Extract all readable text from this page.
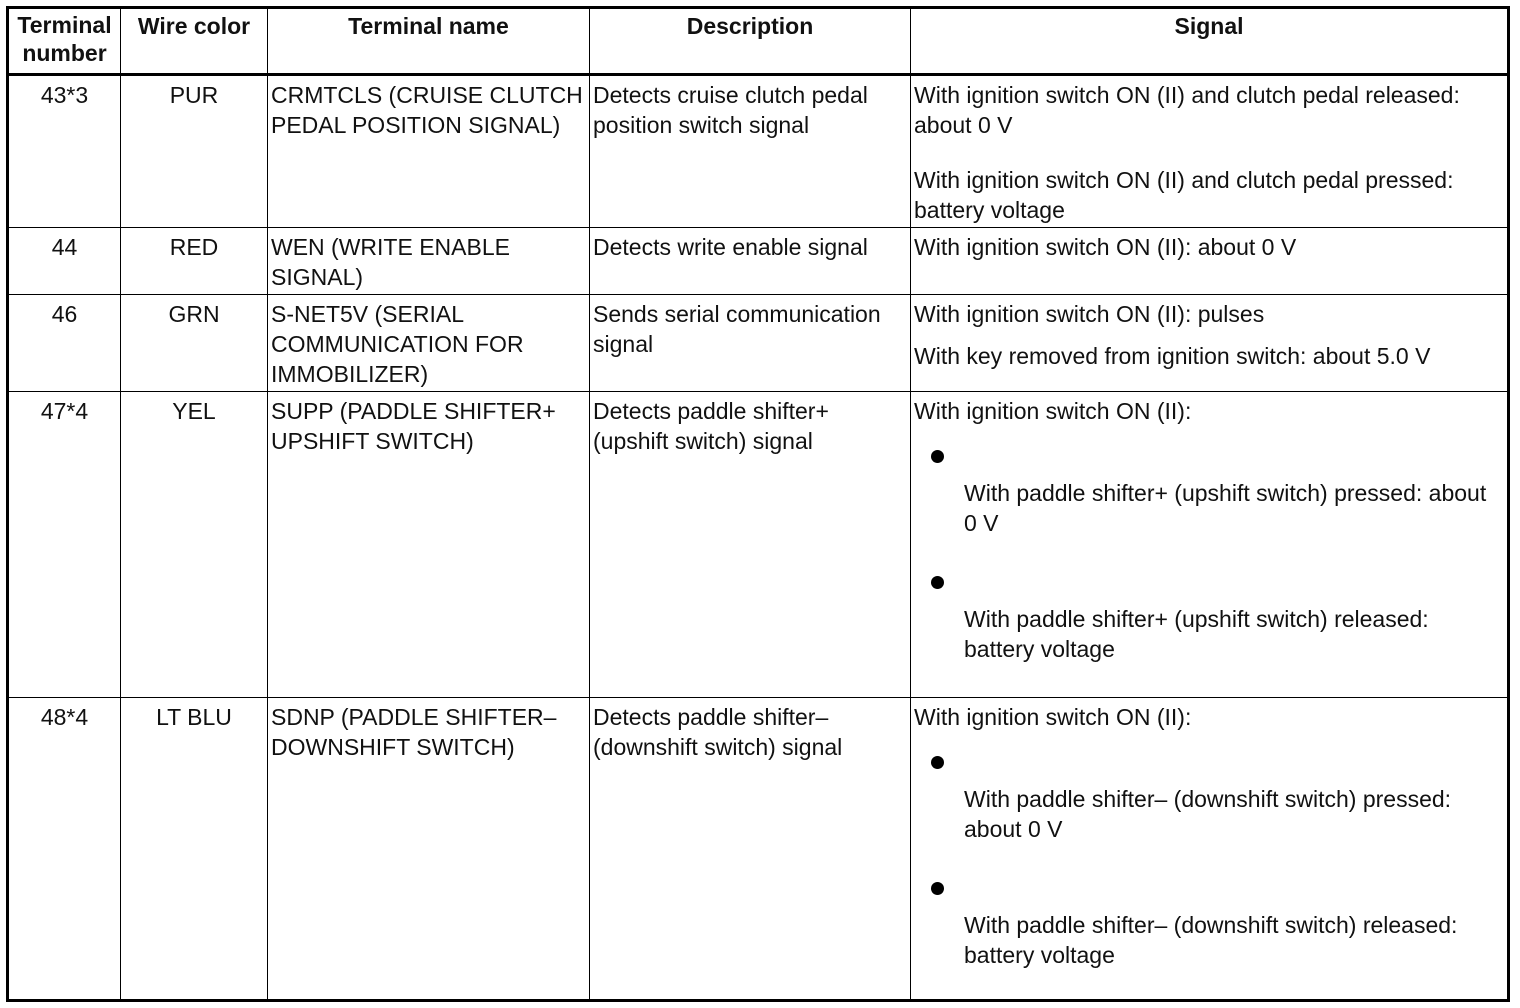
Terminal number	Wire color	Terminal name	Description	Signal
43*3	PUR	CRMTCLS (CRUISE CLUTCH PEDAL POSITION SIGNAL)	Detects cruise clutch pedal position switch signal	With ignition switch ON (II) and clutch pedal released: about 0 V
With ignition switch ON (II) and clutch pedal pressed: battery voltage

44	RED	WEN (WRITE ENABLE SIGNAL)	Detects write enable signal	With ignition switch ON (II): about 0 V

46	GRN	S-NET5V (SERIAL COMMUNICATION FOR IMMOBILIZER)	Sends serial communication signal	With ignition switch ON (II): pulses
With key removed from ignition switch: about 5.0 V

47*4	YEL	SUPP (PADDLE SHIFTER+   UPSHIFT SWITCH)	Detects paddle shifter+ (upshift switch) signal	With ignition switch ON (II):
With paddle shifter+ (upshift switch) pressed: about 0 V
With paddle shifter+ (upshift switch) released: battery voltage

48*4	LT BLU	SDNP (PADDLE SHIFTER–   DOWNSHIFT SWITCH)	Detects paddle shifter– (downshift switch) signal	With ignition switch ON (II):
With paddle shifter– (downshift switch) pressed: about 0 V
With paddle shifter– (downshift switch) released: battery voltage
